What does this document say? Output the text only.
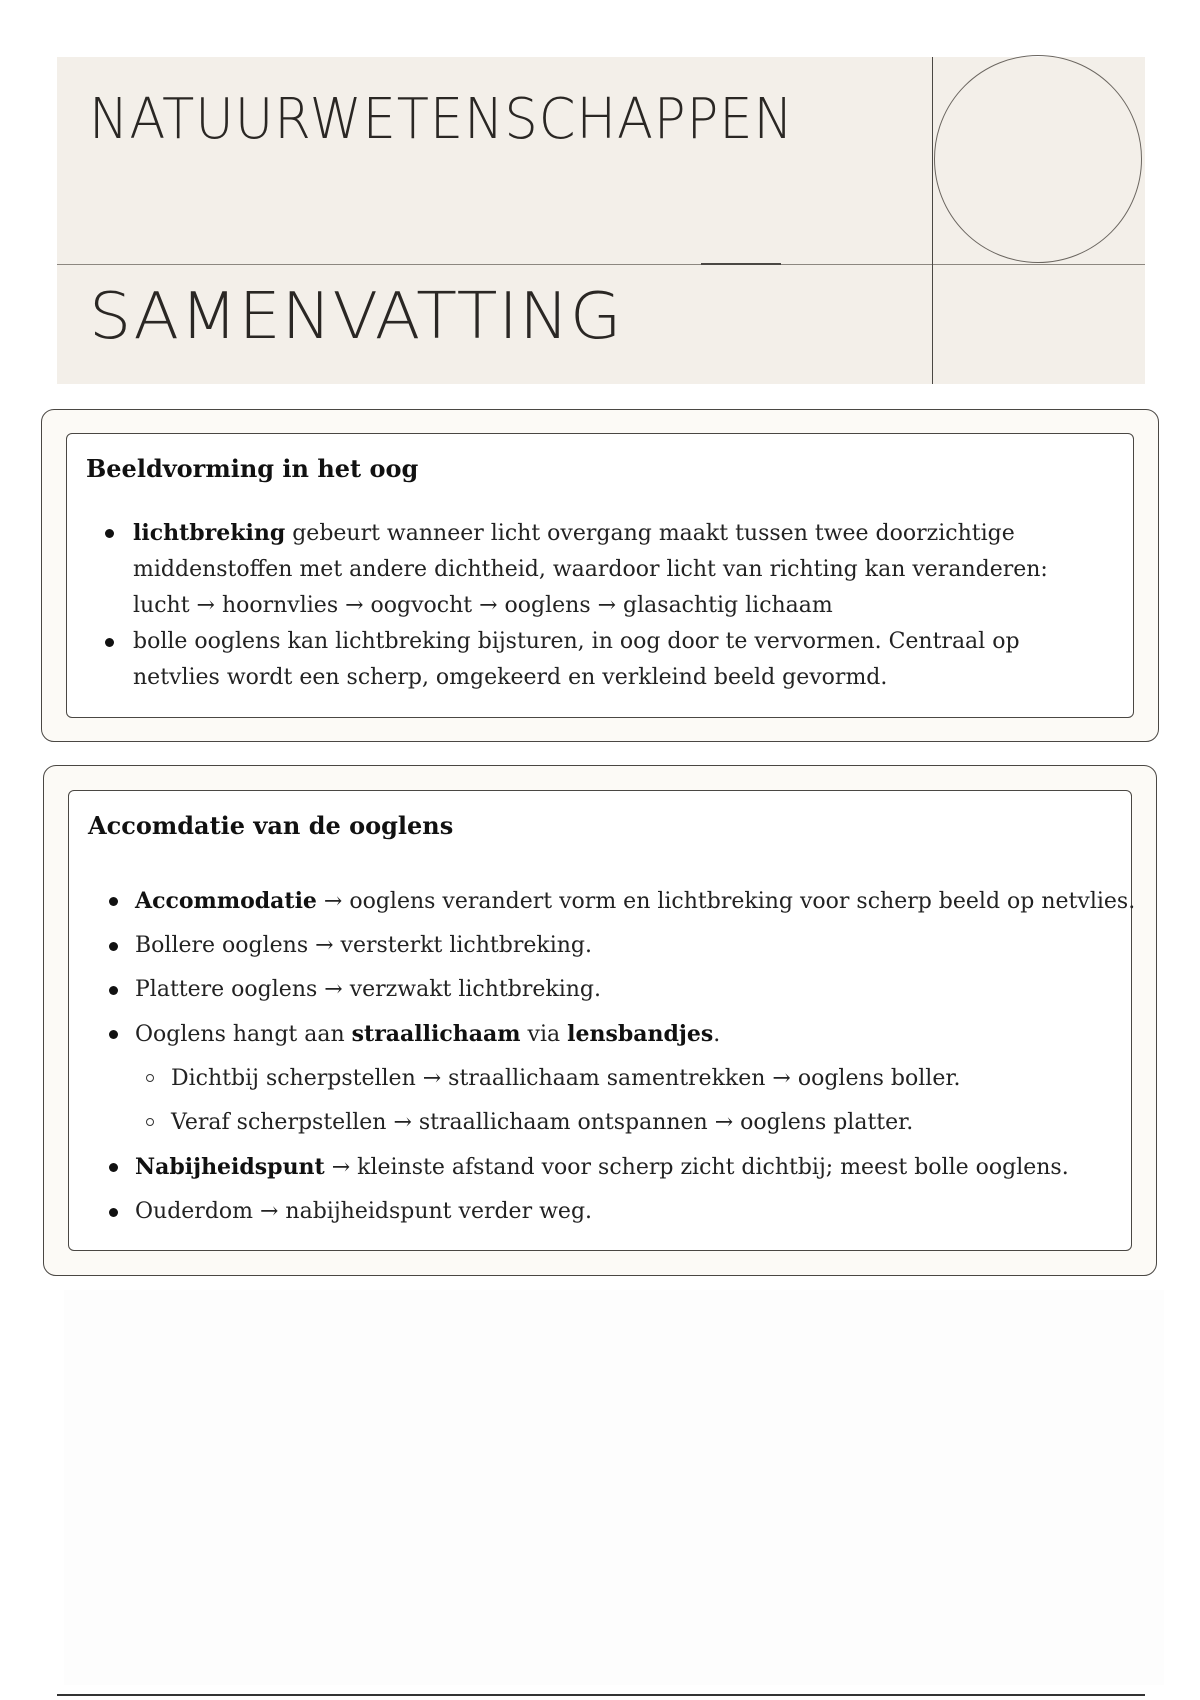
NATUURWETENSCHAPPEN
SAMENVATTING
Beeldvorming in het oog
lichtbreking gebeurt wanneer licht overgang maakt tussen twee doorzichtige middenstoffen met andere dichtheid, waardoor licht van richting kan veranderen: lucht → hoornvlies → oogvocht → ooglens → glasachtig lichaam
bolle ooglens kan lichtbreking bijsturen, in oog door te vervormen. Centraal op netvlies wordt een scherp, omgekeerd en verkleind beeld gevormd.
Accomdatie van de ooglens
Accommodatie → ooglens verandert vorm en lichtbreking voor scherp beeld op netvlies.
Bollere ooglens → versterkt lichtbreking.
Plattere ooglens → verzwakt lichtbreking.
Ooglens hangt aan straallichaam via lensbandjes.
Dichtbij scherpstellen → straallichaam samentrekken → ooglens boller.
Veraf scherpstellen → straallichaam ontspannen → ooglens platter.
Nabijheidspunt → kleinste afstand voor scherp zicht dichtbij; meest bolle ooglens.
Ouderdom → nabijheidspunt verder weg.
